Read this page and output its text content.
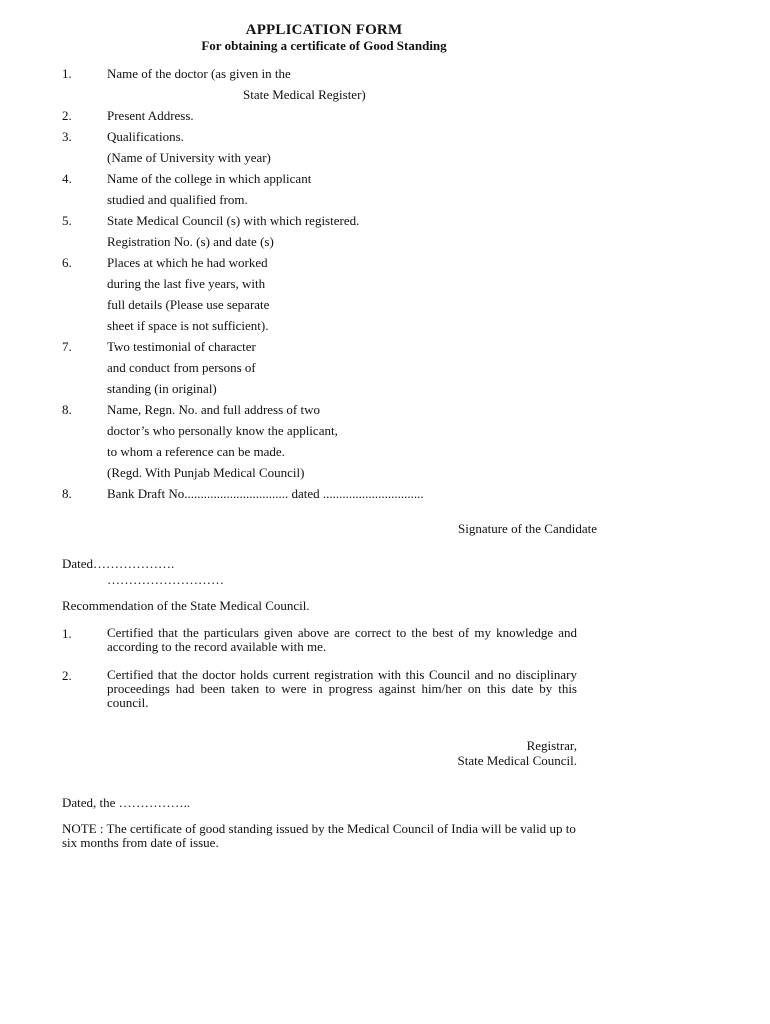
APPLICATION FORM
For obtaining a certificate of Good Standing
1.	Name of the doctor (as given in the
State Medical Register)
2.	Present Address.
3.	Qualifications.
(Name of University with year)
4.	Name of the college in which applicant
studied and qualified from.
5.	State Medical Council (s) with which registered.
Registration No. (s) and date (s)
6.	Places at which he had worked
during the last five years, with
full details (Please use separate
sheet if space is not sufficient).
7.	Two testimonial of character
and conduct from persons of
standing (in original)
8.	Name, Regn. No. and full address of two
doctor’s who personally know the applicant,
to whom a reference can be made.
(Regd. With Punjab Medical Council)
8.	Bank Draft No................................ dated ...............................
Signature of the Candidate
Dated……………….
………………………
Recommendation of the State Medical Council.
1.	Certified that the particulars given above are correct to the best of my knowledge and according to the record available with me.
2.	Certified that the doctor holds current registration with this Council and no disciplinary proceedings had been taken to were in progress against him/her on this date by this council.
Registrar,
State Medical Council.
Dated, the ……………..
NOTE : The certificate of good standing issued by the Medical Council of India will be valid up to six months from date of issue.
